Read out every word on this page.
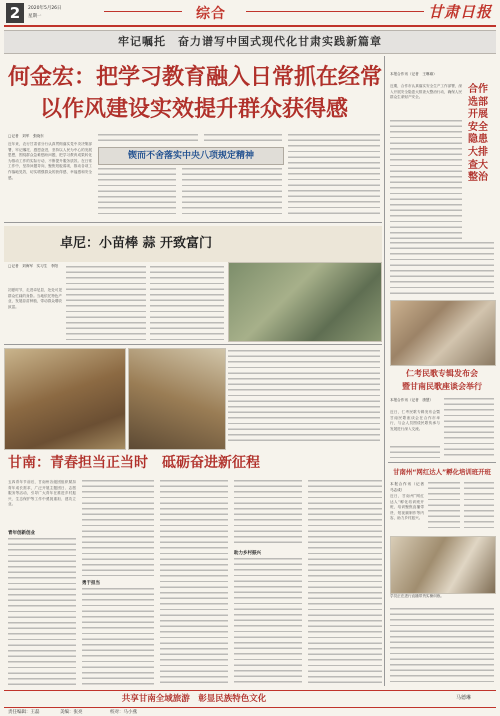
2	2020年5月26日
星期一	综合	甘肃日报
牢记嘱托　奋力谱写中国式现代化甘肃实践新篇章
何金宏：把学习教育融入日常抓在经常
以作风建设实效提升群众获得感
□记者　刘军　张晓东
近年来，农行甘肃省分行认真贯彻落实党中央决策部署，牢记嘱托、感恩奋进，坚持以人民为中心的发展思想，围绕群众急难愁盼问题，把学习教育成果转化为推动工作的实际行动，不断提升服务质效。在日常工作中，坚持问题导向，聚焦短板弱项，推动各项工作落地见效，切实增强群众的获得感、幸福感和安全感。
锲而不舍落实中央八项规定精神
卓尼：小苗棒 蒜 开致富门
□记者　刘海军　实习生　李阳
初夏时节，走进卓尼县，处处可见群众忙碌的身影。当地依托特色产业，发展蒜苗种植，带动群众增收致富。
甘南：青春担当正当时　砥砺奋进新征程
五四青年节前后，甘南州各级团组织紧扣青年成长需求，广泛开展主题团日、志愿服务等活动，引导广大青年在推进乡村振兴、生态保护等工作中勇挑重担、建功立业。
青年创新创业
勇于担当
助力乡村振兴
合作选部开展安全隐患大排查大整治
本报合作讯（记者　王琳瑜）
近期，合作市认真落实安全生产工作部署，深入开展安全隐患大排查大整治行动，确保人民群众生命财产安全。
仁考民歌专辑发布会
暨甘南民歌座谈会举行
本报合作讯（记者　康慧）
近日，仁考民歌专辑发布会暨甘南民歌座谈会在合作市举行，与会人员围绕民歌传承与发展进行深入交流。
甘南州“网红达人”孵化培训班开班
本报合作讯（记者　马志成）
近日，甘南州“网红达人”孵化培训班开班，培训聚焦直播带货、短视频制作等内容，助力乡村振兴。
学员正在进行直播带货实操训练。
共享甘南全域旅游　彰显民族特色文化
责任编辑：王磊	美编：张亮	校对：马小燕
马德琳
